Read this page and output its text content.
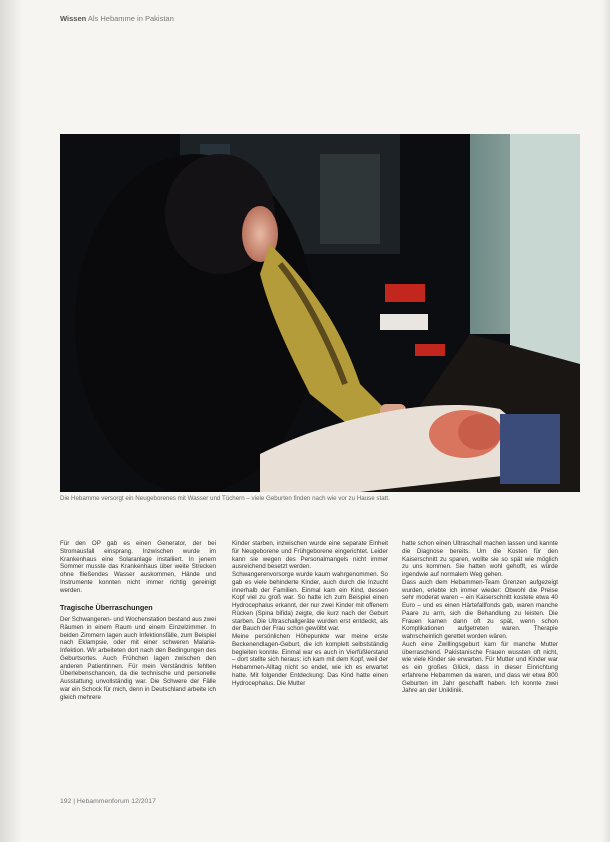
Wissen Als Hebamme in Pakistan
Die Hebamme versorgt ein Neugeborenes mit Wasser und Tüchern – viele Geburten finden nach wie vor zu Hause statt.

Für den OP gab es einen Generator, der bei Stromausfall einsprang. Inzwischen wurde im Krankenhaus eine Solaranlage installiert. In jenem Sommer musste das Krankenhaus über weite Strecken ohne fließendes Wasser auskommen, Hände und Instrumente konnten nicht immer richtig gereinigt werden.

Tragische Überraschungen

Der Schwangeren- und Wochenstation bestand aus zwei Räumen in einem Raum und einem Einzelzimmer. In beiden Zimmern lagen auch Infektionsfälle, zum Beispiel nach Eklampsie, oder mit einer schweren Malaria-Infektion. Wir arbeiteten dort nach den Bedingungen des Geburtsortes. Auch Frühchen lagen zwischen den anderen Patientinnen. Für mein Verständnis fehlten Überlebenschancen, da die technische und personelle Ausstattung unvollständig war. Die Schwere der Fälle war ein Schock für mich, denn in Deutschland arbeite ich gleich mehrere

Kinder starben, inzwischen wurde eine separate Einheit für Neugeborene und Frühgeborene eingerichtet. Leider kann sie wegen des Personalmangels nicht immer ausreichend besetzt werden.

Schwangerenvorsorge wurde kaum wahrgenommen. So gab es viele behinderte Kinder, auch durch die Inzucht innerhalb der Familien. Einmal kam ein Kind, dessen Kopf viel zu groß war. So hatte ich zum Beispiel einen Hydrocephalus erkannt, der nur zwei Kinder mit offenem Rücken (Spina bifida) zeigte, die kurz nach der Geburt starben. Die Ultraschallgeräte wurden erst entdeckt, als der Bauch der Frau schon gewölbt war.

Meine persönlichen Höhepunkte war meine erste Beckenendlagen-Geburt, die ich komplett selbstständig begleiten konnte. Einmal war es auch in Vierfüßlerstand – dort stellte sich heraus: ich kam mit dem Kopf, weil der Hebammen-Alltag nicht so endet, wie ich es erwartet hatte. Mit folgender Entdeckung: Das Kind hatte einen Hydrocephalus. Die Mutter

hatte schon einen Ultraschall machen lassen und kannte die Diagnose bereits. Um die Kosten für den Kaiserschnitt zu sparen, wollte sie so spät wie möglich zu uns kommen. Sie hatten wohl gehofft, es würde irgendwie auf normalem Weg gehen.

Dass auch dem Hebammen-Team Grenzen aufgezeigt wurden, erlebte ich immer wieder: Obwohl die Preise sehr moderat waren – ein Kaiserschnitt kostete etwa 40 Euro – und es einen Härtefallfonds gab, waren manche Paare zu arm, sich die Behandlung zu leisten. Die Frauen kamen dann oft zu spät, wenn schon Komplikationen aufgetreten waren. Therapie wahrscheinlich gerettet worden wären.

Auch eine Zwillingsgeburt kam für manche Mutter überraschend. Pakistanische Frauen wussten oft nicht, wie viele Kinder sie erwarten. Für Mutter und Kinder war es ein großes Glück, dass in dieser Einrichtung erfahrene Hebammen da waren, und dass wir etwa 800 Geburten im Jahr geschafft haben. Ich konnte zwei Jahre an der Uniklinik.

192 | Hebammenforum 12/2017
